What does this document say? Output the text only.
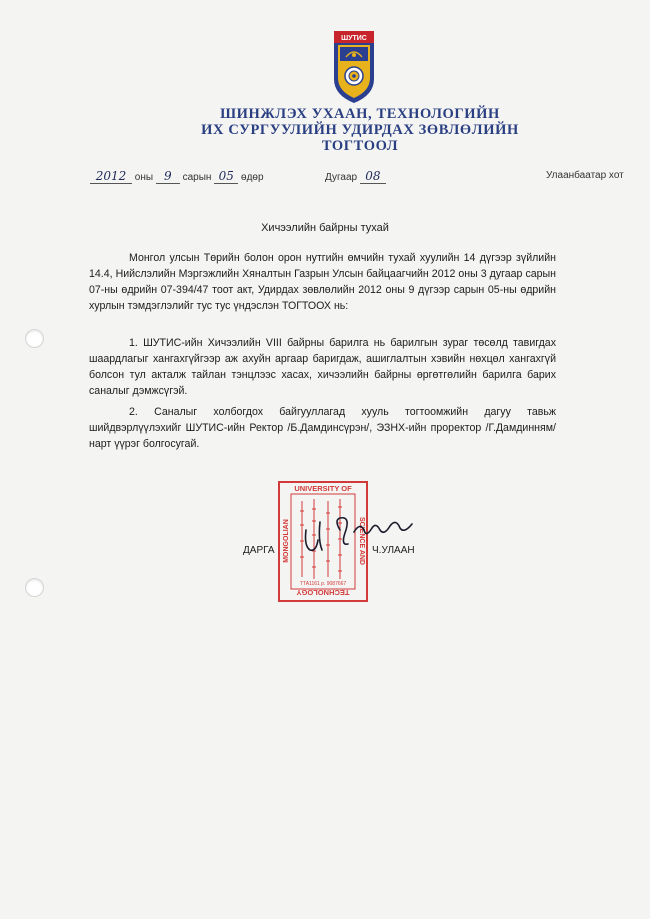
ШУТИС
ШИНЖЛЭХ УХААН, ТЕХНОЛОГИЙН
ИХ СУРГУУЛИЙН УДИРДАХ ЗӨВЛӨЛИЙН
ТОГТООЛ
2012 оны 9 сарын 05 өдөр	Дугаар 08	Улаанбаатар хот
Хичээлийн байрны тухай
Монгол улсын Төрийн болон орон нутгийн өмчийн тухай хуулийн 14 дүгээр зүйлийн 14.4, Нийслэлийн Мэргэжлийн Хяналтын Газрын Улсын байцаагчийн 2012 оны 3 дугаар сарын 07-ны өдрийн 07-394/47 тоот акт, Удирдах зөвлөлийн 2012 оны 9 дүгээр сарын 05-ны өдрийн хурлын тэмдэглэлийг тус тус үндэслэн ТОГТООХ нь:
1. ШУТИС-ийн Хичээлийн VIII байрны барилга нь барилгын зураг төсөлд тавигдах шаардлагыг хангахгүйгээр аж ахуйн аргаар баригдаж, ашиглалтын хэвийн нөхцөл хангахгүй болсон тул акталж тайлан тэнцлээс хасах, хичээлийн байрны өргөтгөлийн барилга барих саналыг дэмжсүгэй.
2. Саналыг холбогдох байгууллагад хууль тогтоомжийн дагуу тавьж шийдвэрлүүлэхийг ШУТИС-ийн Ректор /Б.Дамдинсүрэн/, ЭЗНХ-ийн проректор /Г.Дамдинням/ нарт үүрэг болгосугай.
UNIVERSITY OF
TECHNOLOGY
MONGOLIAN	SCIENCE AND
ТТА1161 р. 9087667
ДАРГА	Ч.УЛААН
